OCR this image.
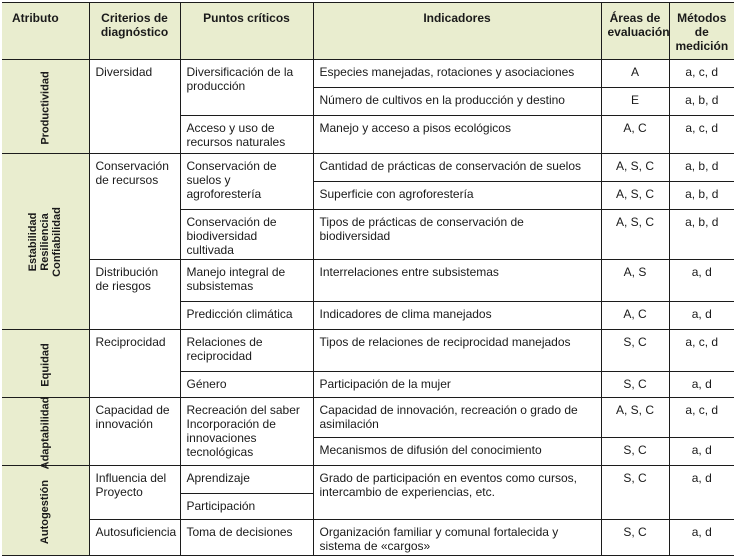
Atributo	Criterios de diagnóstico	Puntos críticos	Indicadores	Áreas de evaluación	Métodos de medición
Productividad	Diversidad	Diversificación de la producción	Especies manejadas, rotaciones y asociaciones	A	a, c, d
			Número de cultivos en la producción y destino	E	a, b, d
		Acceso y uso de recursos naturales	Manejo y acceso a pisos ecológicos	A, C	a, c, d

Estabilidad Resiliencia Confiabilidad	Conservación de recursos	Conservación de suelos y agroforestería	Cantidad de prácticas de conservación de suelos	A, S, C	a, b, d
			Superficie con agroforestería	A, S, C	a, b, d
		Conservación de biodiversidad cultivada	Tipos de prácticas de conservación de biodiversidad	A, S, C	a, b, d
	Distribución de riesgos	Manejo integral de subsistemas	Interrelaciones entre subsistemas	A, S	a, d
		Predicción climática	Indicadores de clima manejados	A, C	a, d
Equidad	Reciprocidad	Relaciones de reciprocidad	Tipos de relaciones de reciprocidad manejados	S, C	a, c, d
		Género	Participación de la mujer	S, C	a, d
Adaptabilidad	Capacidad de innovación	Recreación del saber Incorporación de innovaciones tecnológicas	Capacidad de innovación, recreación o grado de asimilación	A, S, C	a, c, d
			Mecanismos de difusión del conocimiento	S, C	a, d
Autogestión	Influencia del Proyecto	Aprendizaje	Grado de participación en eventos como cursos, intercambio de experiencias, etc.	S, C	a, d
		Participación			
	Autosuficiencia	Toma de decisiones	Organización familiar y comunal fortalecida y sistema de «cargos»	S, C	a, d
